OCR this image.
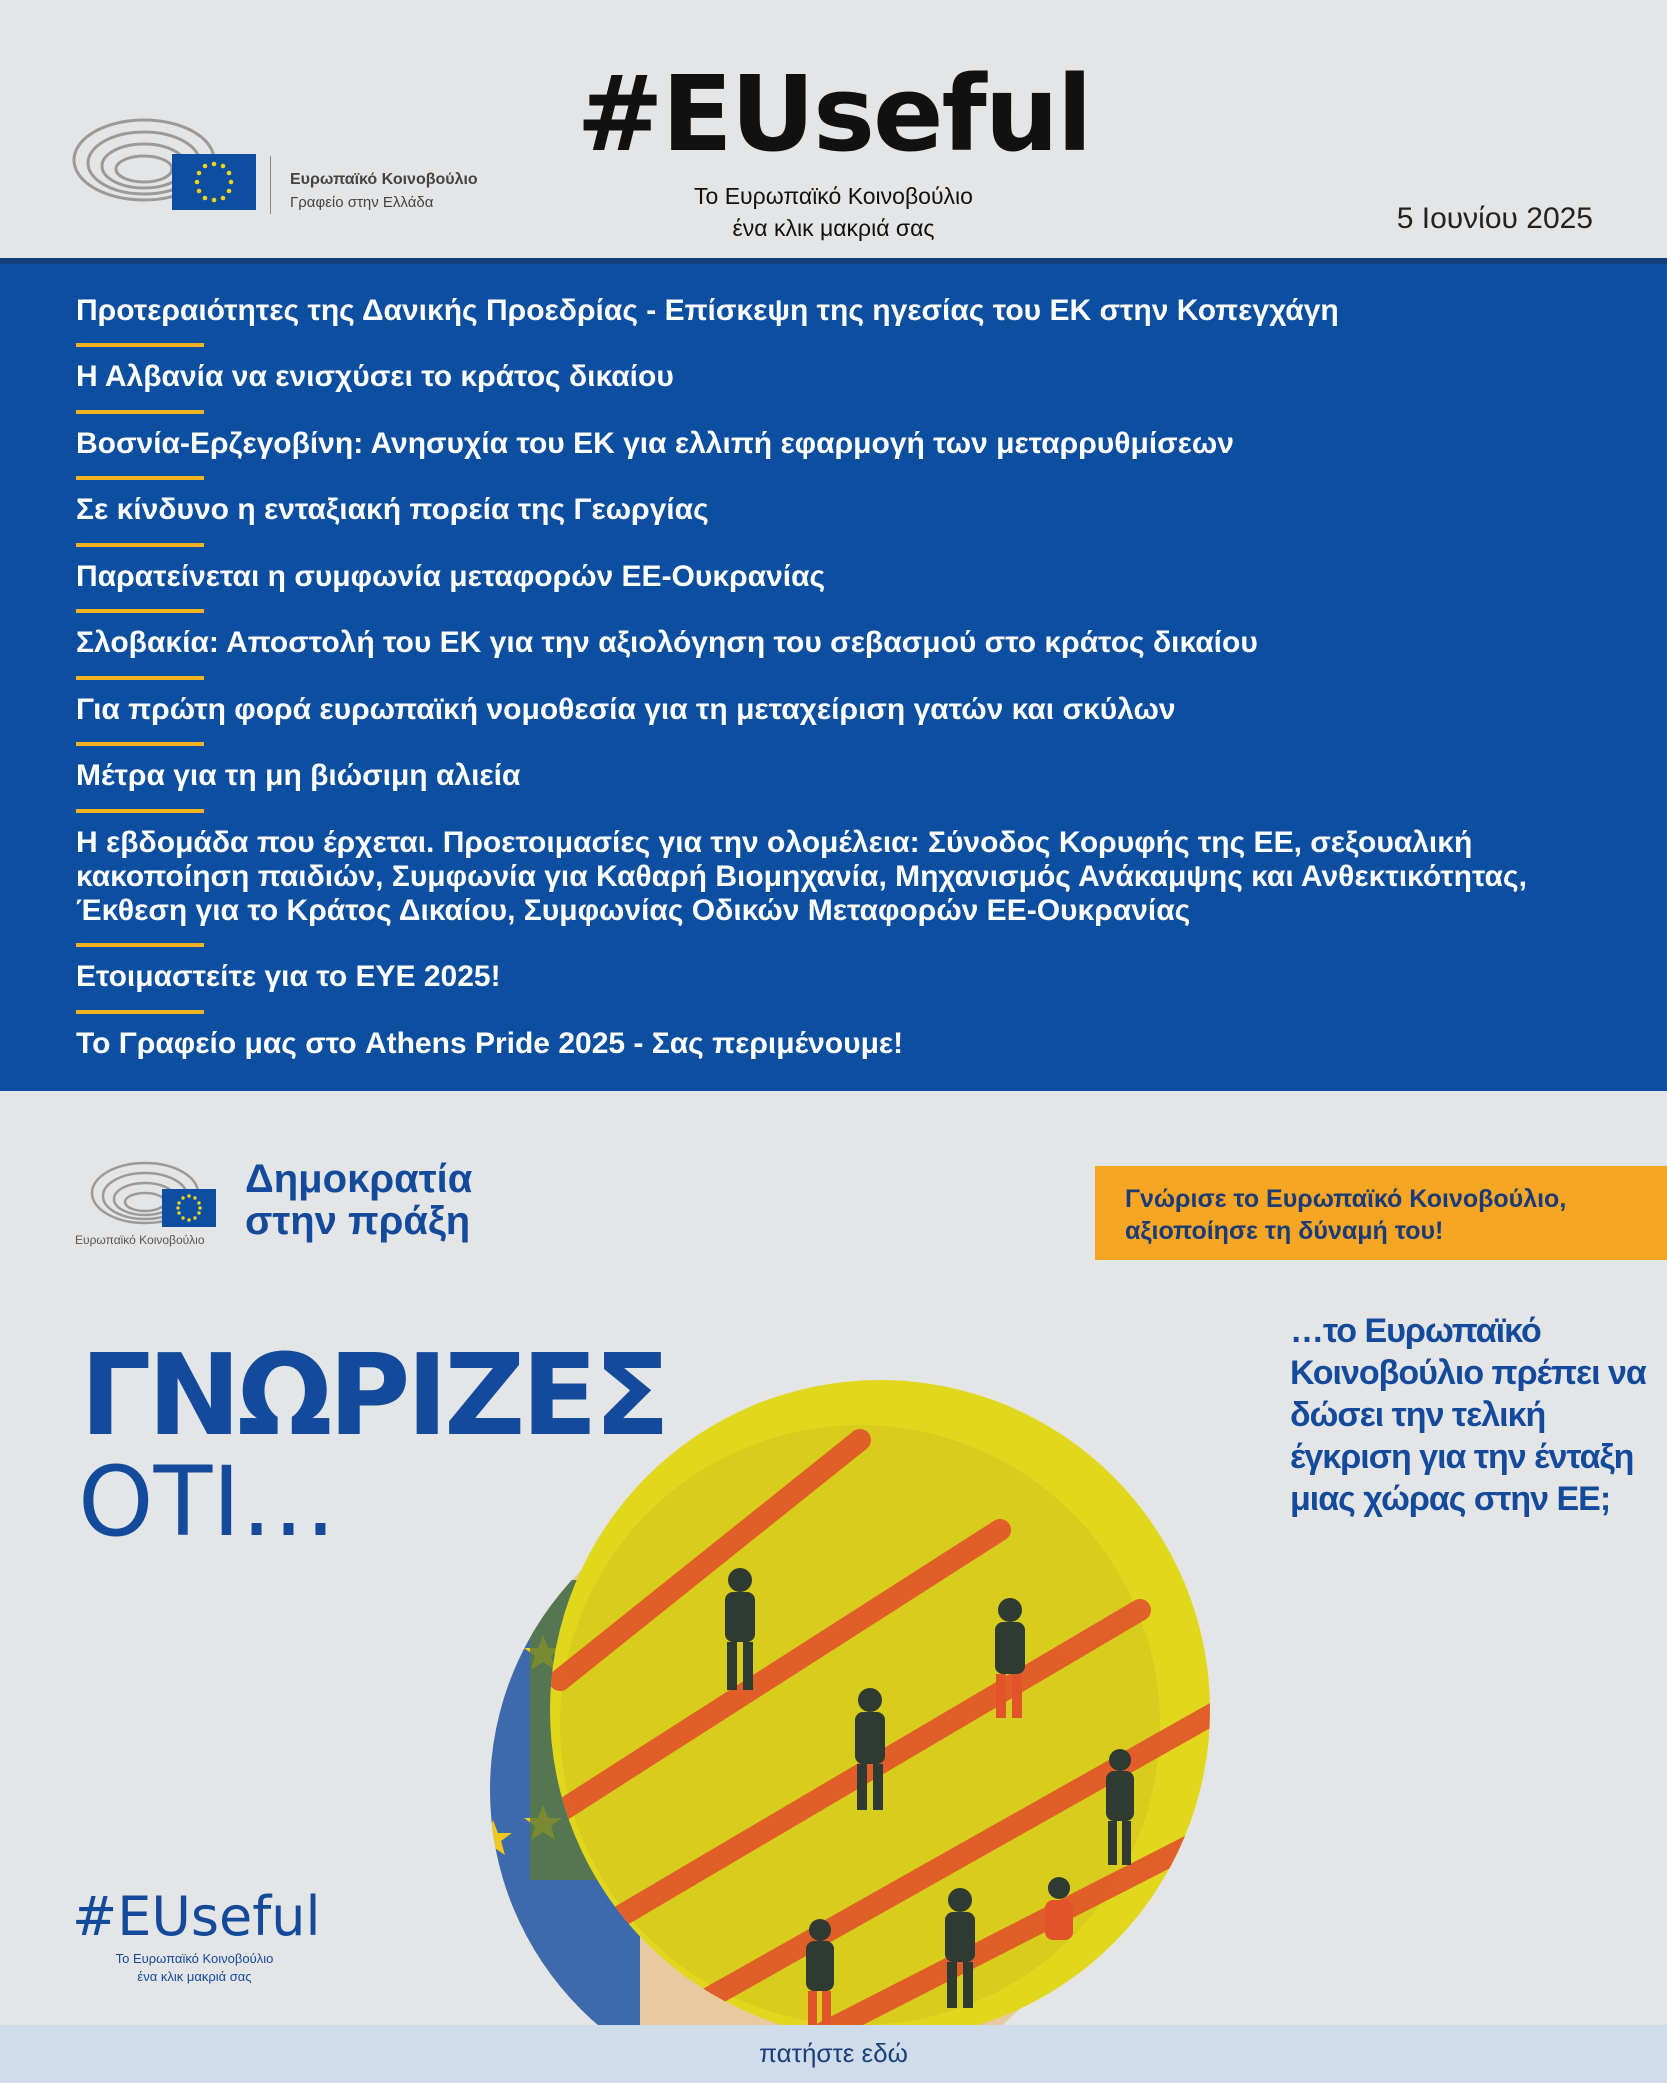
Ευρωπαϊκό Κοινοβούλιο
Γραφείο στην Ελλάδα
#EUseful
Το Ευρωπαϊκό Κοινοβούλιο
ένα κλικ μακριά σας	5 Ιουνίου 2025
Προτεραιότητες της Δανικής Προεδρίας - Επίσκεψη της ηγεσίας του ΕΚ στην Κοπεγχάγη
Η Αλβανία να ενισχύσει το κράτος δικαίου
Βοσνία-Ερζεγοβίνη: Ανησυχία του ΕΚ για ελλιπή εφαρμογή των μεταρρυθμίσεων
Σε κίνδυνο η ενταξιακή πορεία της Γεωργίας
Παρατείνεται η συμφωνία μεταφορών ΕΕ-Ουκρανίας
Σλοβακία: Αποστολή του ΕΚ για την αξιολόγηση του σεβασμού στο κράτος δικαίου
Για πρώτη φορά ευρωπαϊκή νομοθεσία για τη μεταχείριση γατών και σκύλων
Μέτρα για τη μη βιώσιμη αλιεία
Η εβδομάδα που έρχεται. Προετοιμασίες για την ολομέλεια: Σύνοδος Κορυφής της ΕΕ, σεξουαλική κακοποίηση παιδιών, Συμφωνία για Καθαρή Βιομηχανία, Μηχανισμός Ανάκαμψης και Ανθεκτικότητας, Έκθεση για το Κράτος Δικαίου, Συμφωνίας Οδικών Μεταφορών ΕΕ-Ουκρανίας
Ετοιμαστείτε για το ΕΥΕ 2025!
Το Γραφείο μας στο Athens Pride 2025 - Σας περιμένουμε!
Ευρωπαϊκό Κοινοβούλιο
Δημοκρατία
στην πράξη	Γνώρισε το Ευρωπαϊκό Κοινοβούλιο,
αξιοποίησε τη δύναμή του!
ΓΝΩΡΙΖΕΣ
ΟΤΙ…
…το Ευρωπαϊκό Κοινοβούλιο πρέπει να δώσει την τελική έγκριση για την ένταξη μιας χώρας στην ΕΕ;
#EUseful
Το Ευρωπαϊκό Κοινοβούλιο
ένα κλικ μακριά σας
πατήστε εδώ
